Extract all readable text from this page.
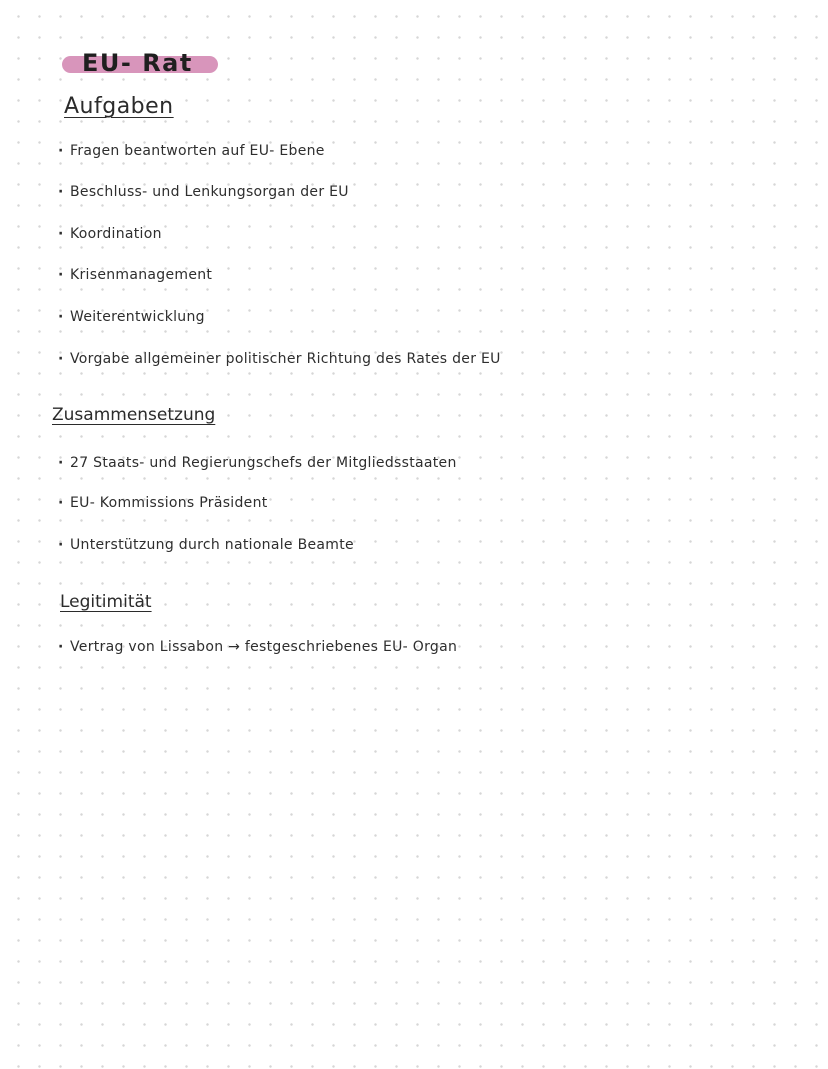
EU- Rat
Aufgaben
· Fragen beantworten auf EU- Ebene
· Beschluss- und Lenkungsorgan der EU
· Koordination
· Krisenmanagement
· Weiterentwicklung
· Vorgabe allgemeiner politischer Richtung des Rates der EU
Zusammensetzung
· 27 Staats- und Regierungschefs der Mitgliedsstaaten
· EU- Kommissions Präsident
· Unterstützung durch nationale Beamte
Legitimität
· Vertrag von Lissabon → festgeschriebenes EU- Organ
